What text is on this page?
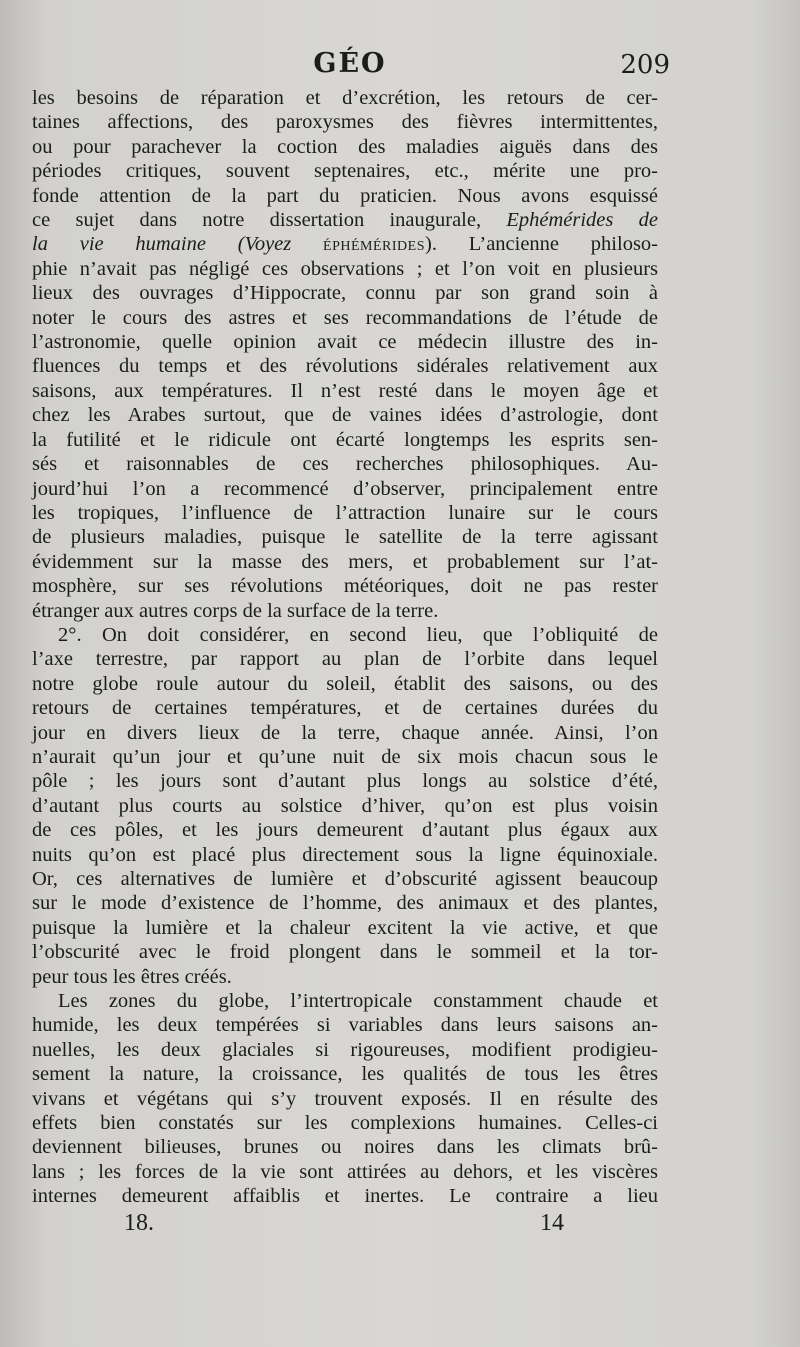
GÉO	209
les besoins de réparation et d’excrétion, les retours de cer-
taines affections, des paroxysmes des fièvres intermittentes,
ou pour parachever la coction des maladies aiguës dans des
périodes critiques, souvent septenaires, etc., mérite une pro-
fonde attention de la part du praticien. Nous avons esquissé
ce sujet dans notre dissertation inaugurale, Ephémérides de
la vie humaine (Voyez éphémérides). L’ancienne philoso-
phie n’avait pas négligé ces observations ; et l’on voit en plusieurs
lieux des ouvrages d’Hippocrate, connu par son grand soin à
noter le cours des astres et ses recommandations de l’étude de
l’astronomie, quelle opinion avait ce médecin illustre des in-
fluences du temps et des révolutions sidérales relativement aux
saisons, aux températures. Il n’est resté dans le moyen âge et
chez les Arabes surtout, que de vaines idées d’astrologie, dont
la futilité et le ridicule ont écarté longtemps les esprits sen-
sés et raisonnables de ces recherches philosophiques. Au-
jourd’hui l’on a recommencé d’observer, principalement entre
les tropiques, l’influence de l’attraction lunaire sur le cours
de plusieurs maladies, puisque le satellite de la terre agissant
évidemment sur la masse des mers, et probablement sur l’at-
mosphère, sur ses révolutions météoriques, doit ne pas rester
étranger aux autres corps de la surface de la terre.
2°. On doit considérer, en second lieu, que l’obliquité de
l’axe terrestre, par rapport au plan de l’orbite dans lequel
notre globe roule autour du soleil, établit des saisons, ou des
retours de certaines températures, et de certaines durées du
jour en divers lieux de la terre, chaque année. Ainsi, l’on
n’aurait qu’un jour et qu’une nuit de six mois chacun sous le
pôle ; les jours sont d’autant plus longs au solstice d’été,
d’autant plus courts au solstice d’hiver, qu’on est plus voisin
de ces pôles, et les jours demeurent d’autant plus égaux aux
nuits qu’on est placé plus directement sous la ligne équinoxiale.
Or, ces alternatives de lumière et d’obscurité agissent beaucoup
sur le mode d’existence de l’homme, des animaux et des plantes,
puisque la lumière et la chaleur excitent la vie active, et que
l’obscurité avec le froid plongent dans le sommeil et la tor-
peur tous les êtres créés.
Les zones du globe, l’intertropicale constamment chaude et
humide, les deux tempérées si variables dans leurs saisons an-
nuelles, les deux glaciales si rigoureuses, modifient prodigieu-
sement la nature, la croissance, les qualités de tous les êtres
vivans et végétans qui s’y trouvent exposés. Il en résulte des
effets bien constatés sur les complexions humaines. Celles-ci
deviennent bilieuses, brunes ou noires dans les climats brû-
lans ; les forces de la vie sont attirées au dehors, et les viscères
internes demeurent affaiblis et inertes. Le contraire a lieu
18.	14
